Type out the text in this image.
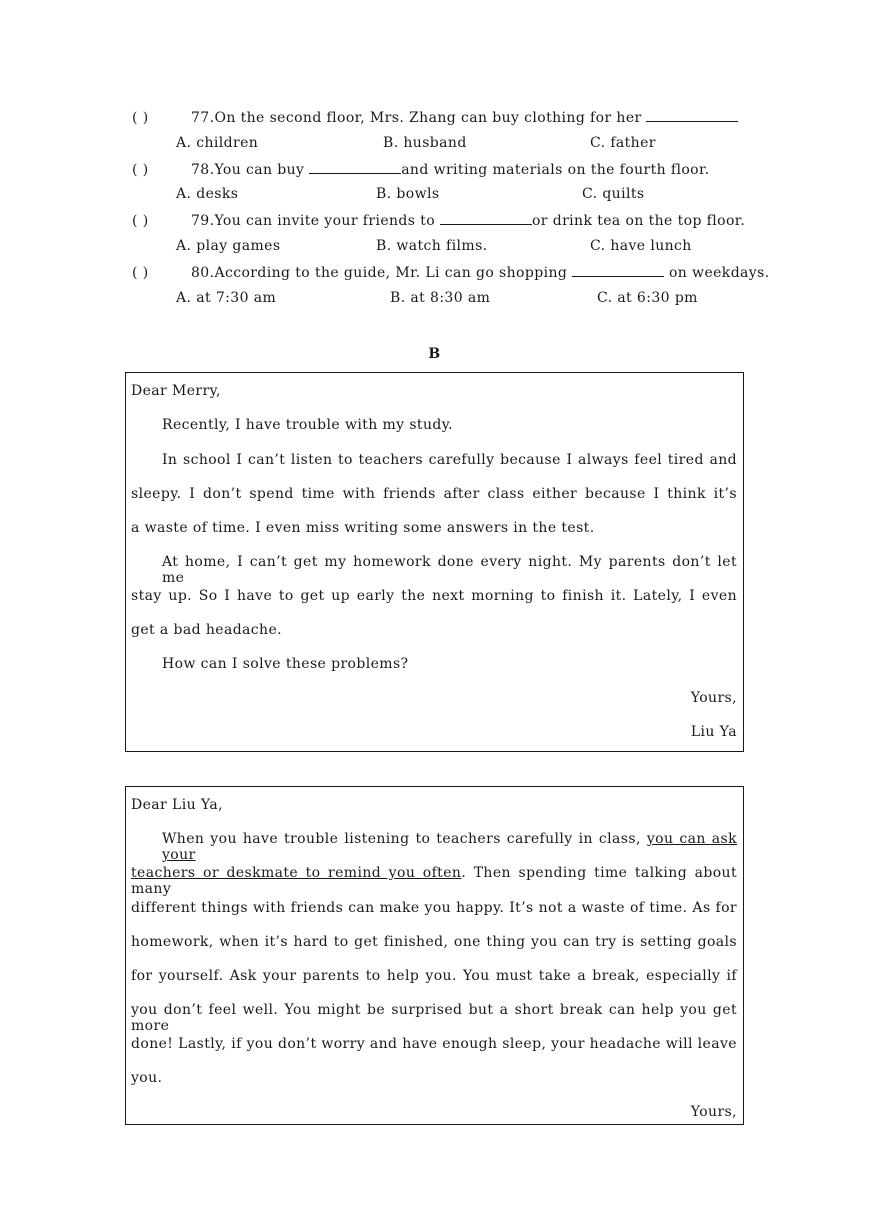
( )	77.On the second floor, Mrs. Zhang can buy clothing for her
A. children	B. husband	C. father
( )	78.You can buy	and writing materials on the fourth floor.
A. desks	B. bowls	C. quilts
( )	79.You can invite your friends to	or drink tea on the top floor.
A. play games	B. watch films.	C. have lunch
( )	80.According to the guide, Mr. Li can go shopping	on weekdays.
A. at 7:30 am	B. at 8:30 am	C. at 6:30 pm
B
Dear Merry,
Recently, I have trouble with my study.
In school I can’t listen to teachers carefully because I always feel tired and
sleepy. I don’t spend time with friends after class either because I think it’s
a waste of time. I even miss writing some answers in the test.
At home, I can’t get my homework done every night. My parents don’t let me
stay up. So I have to get up early the next morning to finish it. Lately, I even
get a bad headache.
How can I solve these problems?
Yours,
Liu Ya
Dear Liu Ya,
When you have trouble listening to teachers carefully in class, you can ask your
teachers or deskmate to remind you often. Then spending time talking about many
different things with friends can make you happy. It’s not a waste of time. As for
homework, when it’s hard to get finished, one thing you can try is setting goals
for yourself. Ask your parents to help you. You must take a break, especially if
you don’t feel well. You might be surprised but a short break can help you get more
done! Lastly, if you don’t worry and have enough sleep, your headache will leave
you.
Yours,
